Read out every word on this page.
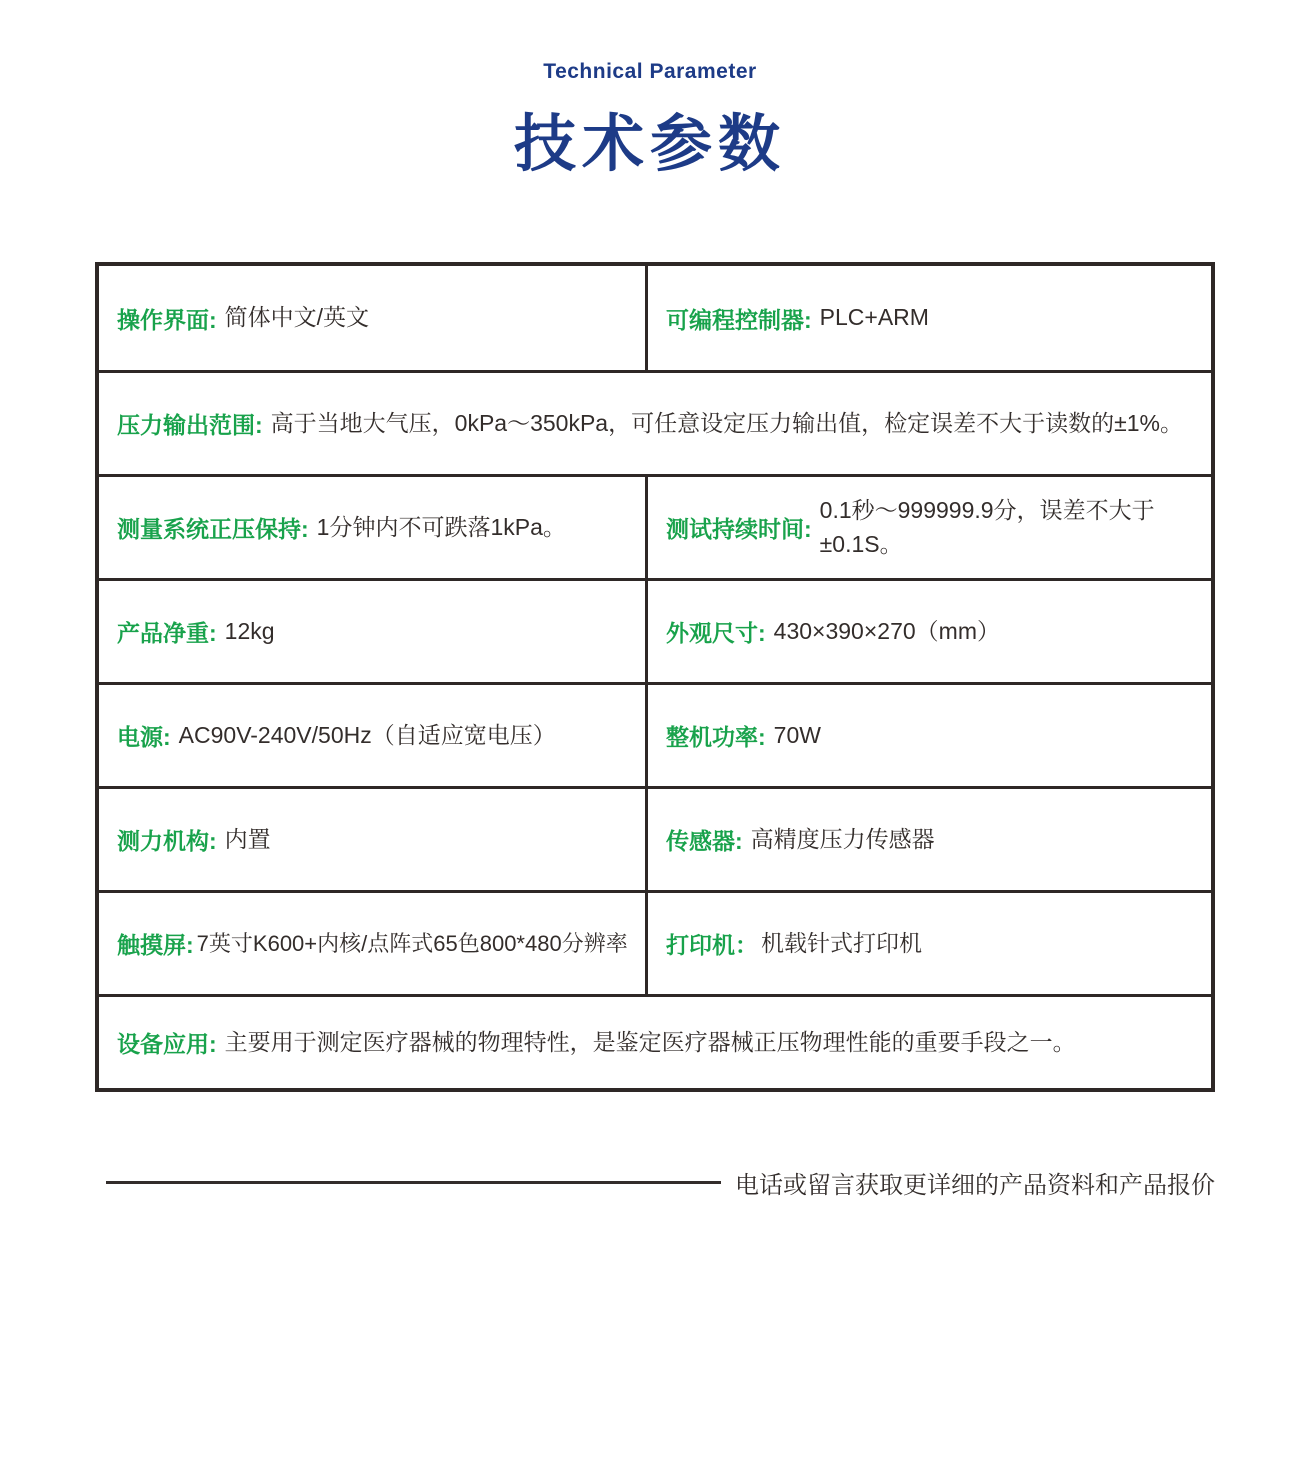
Technical Parameter
技术参数
操作界面: 简体中文/英文	可编程控制器: PLC+ARM
压力输出范围: 高于当地大气压，0kPa～350kPa，可任意设定压力输出值，检定误差不大于读数的±1%。
测量系统正压保持: 1分钟内不可跌落1kPa。	测试持续时间:
0.1秒～999999.9分，误差不大于±0.1S。
产品净重: 12kg	外观尺寸: 430×390×270（mm）
电源: AC90V-240V/50Hz（自适应宽电压）	整机功率: 70W
测力机构: 内置	传感器: 高精度压力传感器
触摸屏: 7英寸K600+内核/点阵式65色800*480分辨率 打印机： 机载针式打印机
设备应用: 主要用于测定医疗器械的物理特性，是鉴定医疗器械正压物理性能的重要手段之一。
电话或留言获取更详细的产品资料和产品报价
